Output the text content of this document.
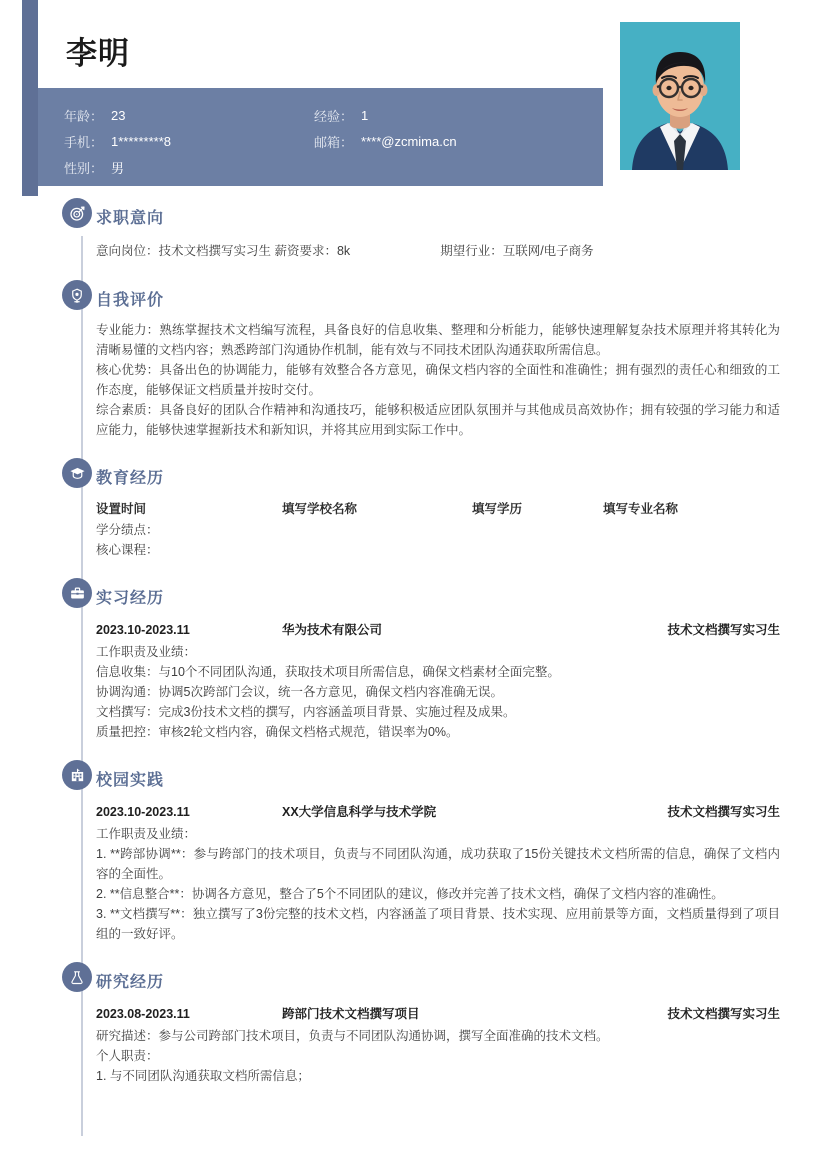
李明
年龄： 23	经验： 1
手机： 1*********8	邮箱： ****@zcmima.cn
性别： 男
求职意向
意向岗位：技术文档撰写实习生 薪资要求：8k	期望行业：互联网/电子商务
自我评价

专业能力：熟练掌握技术文档编写流程，具备良好的信息收集、整理和分析能力，能够快速理解复杂技术原理并将其转化为清晰易懂的文档内容；熟悉跨部门沟通协作机制，能有效与不同技术团队沟通获取所需信息。

核心优势：具备出色的协调能力，能够有效整合各方意见，确保文档内容的全面性和准确性；拥有强烈的责任心和细致的工作态度，能够保证文档质量并按时交付。

综合素质：具备良好的团队合作精神和沟通技巧，能够积极适应团队氛围并与其他成员高效协作；拥有较强的学习能力和适应能力，能够快速掌握新技术和新知识，并将其应用到实际工作中。

教育经历
设置时间	填写学校名称	填写学历	填写专业名称
学分绩点：
核心课程：
实习经历
2023.10-2023.11	华为技术有限公司	技术文档撰写实习生

工作职责及业绩：

信息收集：与10个不同团队沟通，获取技术项目所需信息，确保文档素材全面完整。

协调沟通：协调5次跨部门会议，统一各方意见，确保文档内容准确无误。

文档撰写：完成3份技术文档的撰写，内容涵盖项目背景、实施过程及成果。

质量把控：审核2轮文档内容，确保文档格式规范，错误率为0%。

校园实践
2023.10-2023.11	XX大学信息科学与技术学院	技术文档撰写实习生

工作职责及业绩：

1. **跨部协调**：参与跨部门的技术项目，负责与不同团队沟通，成功获取了15份关键技术文档所需的信息，确保了文档内容的全面性。

2. **信息整合**：协调各方意见，整合了5个不同团队的建议，修改并完善了技术文档，确保了文档内容的准确性。

3. **文档撰写**：独立撰写了3份完整的技术文档，内容涵盖了项目背景、技术实现、应用前景等方面，文档质量得到了项目组的一致好评。

研究经历
2023.08-2023.11	跨部门技术文档撰写项目	技术文档撰写实习生

研究描述：参与公司跨部门技术项目，负责与不同团队沟通协调，撰写全面准确的技术文档。

个人职责：

1. 与不同团队沟通获取文档所需信息；
